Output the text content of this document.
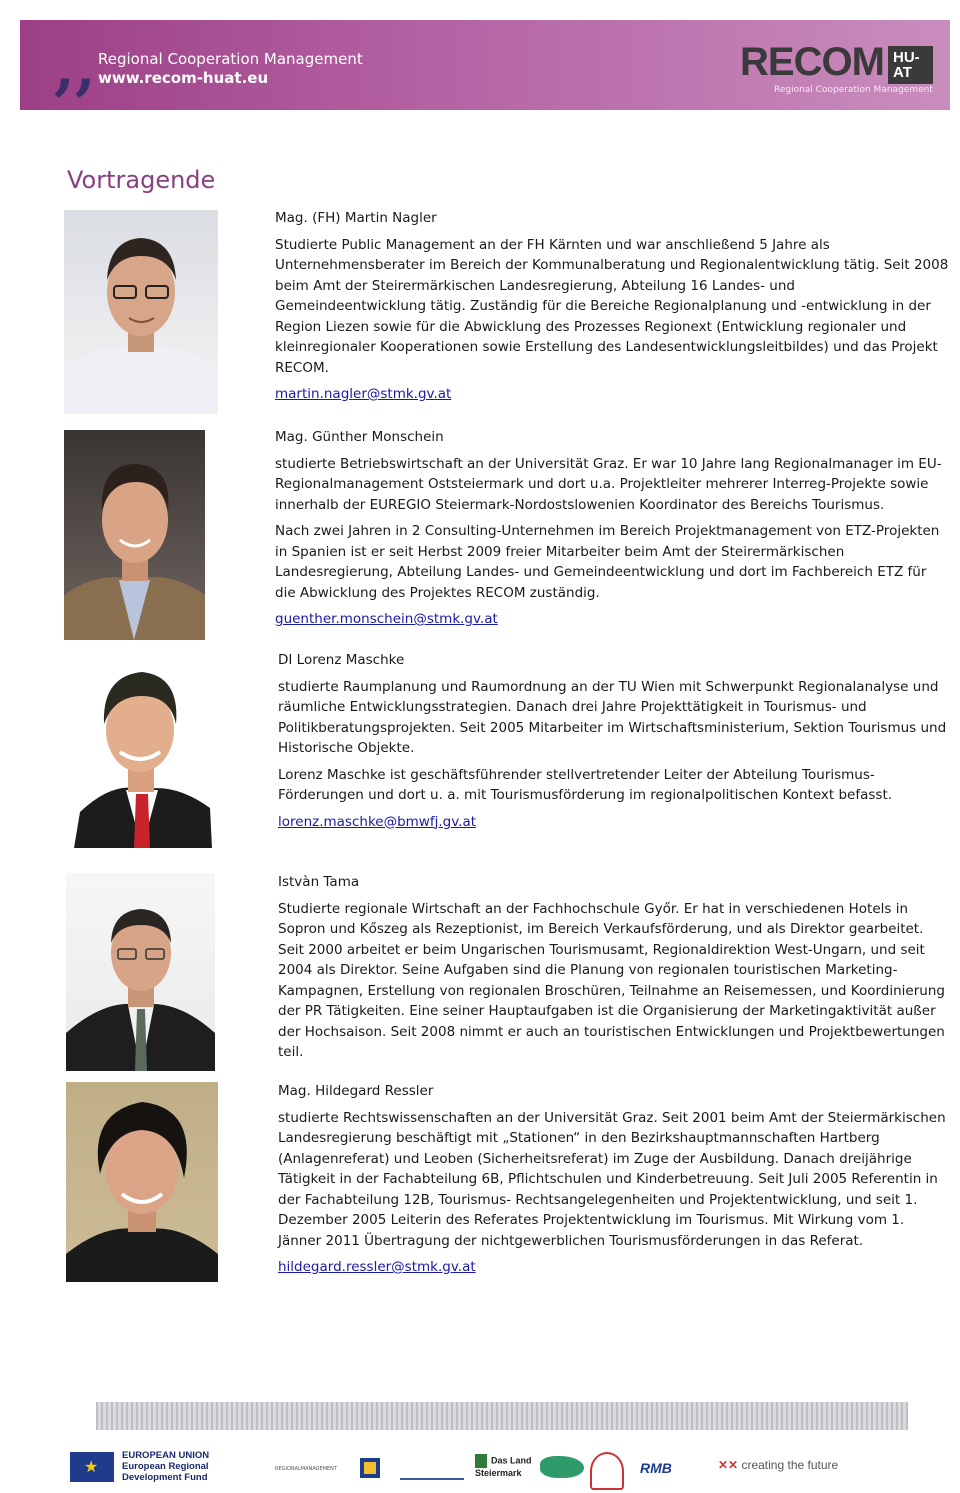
,, Regional Cooperation Management
www.recom-huat.eu	RECOM HU-AT
Regional Cooperation Management
Vortragende

Mag. (FH) Martin Nagler

Studierte Public Management an der FH Kärnten und war anschließend 5 Jahre als Unternehmensberater im Bereich der Kommunalberatung und Regionalentwicklung tätig. Seit 2008 beim Amt der Steirermärkischen Landesregierung, Abteilung 16 Landes- und Gemeindeentwicklung tätig. Zuständig für die Bereiche Regionalplanung und -entwicklung in der Region Liezen sowie für die Abwicklung des Prozesses Regionext (Entwicklung regionaler und kleinregionaler Kooperationen sowie Erstellung des Landesentwicklungsleitbildes) und das Projekt RECOM.

martin.nagler@stmk.gv.at

Mag. Günther Monschein

studierte Betriebswirtschaft an der Universität Graz. Er war 10 Jahre lang Regionalmanager im EU-Regionalmanagement Oststeiermark und dort u.a. Projektleiter mehrerer Interreg-Projekte sowie innerhalb der EUREGIO Steiermark-Nordostslowenien Koordinator des Bereichs Tourismus.

Nach zwei Jahren in 2 Consulting-Unternehmen im Bereich Projektmanagement von ETZ-Projekten in Spanien ist er seit Herbst 2009 freier Mitarbeiter beim Amt der Steirermärkischen Landesregierung, Abteilung Landes- und Gemeindeentwicklung und dort im Fachbereich ETZ für die Abwicklung des Projektes RECOM zuständig.

guenther.monschein@stmk.gv.at

DI Lorenz Maschke

studierte Raumplanung und Raumordnung an der TU Wien mit Schwerpunkt Regionalanalyse und räumliche Entwicklungsstrategien. Danach drei Jahre Projekttätigkeit in Tourismus- und Politikberatungsprojekten. Seit 2005 Mitarbeiter im Wirtschaftsministerium, Sektion Tourismus und Historische Objekte.

Lorenz Maschke ist geschäftsführender stellvertretender Leiter der Abteilung Tourismus-Förderungen und dort u. a. mit Tourismusförderung im regionalpolitischen Kontext befasst.

lorenz.maschke@bmwfj.gv.at

Istvàn Tama

Studierte regionale Wirtschaft an der Fachhochschule Győr. Er hat in verschiedenen Hotels in Sopron und Kőszeg als Rezeptionist, im Bereich Verkaufsförderung, und als Direktor gearbeitet. Seit 2000 arbeitet er beim Ungarischen Tourismusamt, Regionaldirektion West-Ungarn, und seit 2004 als Direktor. Seine Aufgaben sind die Planung von regionalen touristischen Marketing-Kampagnen, Erstellung von regionalen Broschüren, Teilnahme an Reisemessen, und Koordinierung der PR Tätigkeiten. Eine seiner Hauptaufgaben ist die Organisierung der Marketingaktivität außer der Hochsaison. Seit 2008 nimmt er auch an touristischen Entwicklungen und Projektbewertungen teil.

Mag. Hildegard Ressler

studierte Rechtswissenschaften an der Universität Graz. Seit 2001 beim Amt der Steiermärkischen Landesregierung beschäftigt mit „Stationen“ in den Bezirkshauptmannschaften Hartberg (Anlagenreferat) und Leoben (Sicherheitsreferat) im Zuge der Ausbildung. Danach dreijährige Tätigkeit in der Fachabteilung 6B, Pflichtschulen und Kinderbetreuung. Seit Juli 2005 Referentin in der Fachabteilung 12B, Tourismus- Rechtsangelegenheiten und Projektentwicklung, und seit 1. Dezember 2005 Leiterin des Referates Projektentwicklung im Tourismus. Mit Wirkung vom 1. Jänner 2011 Übertragung der nichtgewerblichen Tourismusförderungen in das Referat.

hildegard.ressler@stmk.gv.at

★
EUROPEAN UNION
European Regional
Development Fund
REGIONALMANAGEMENT
Das Land Steiermark	RMB	✕✕ creating the future
